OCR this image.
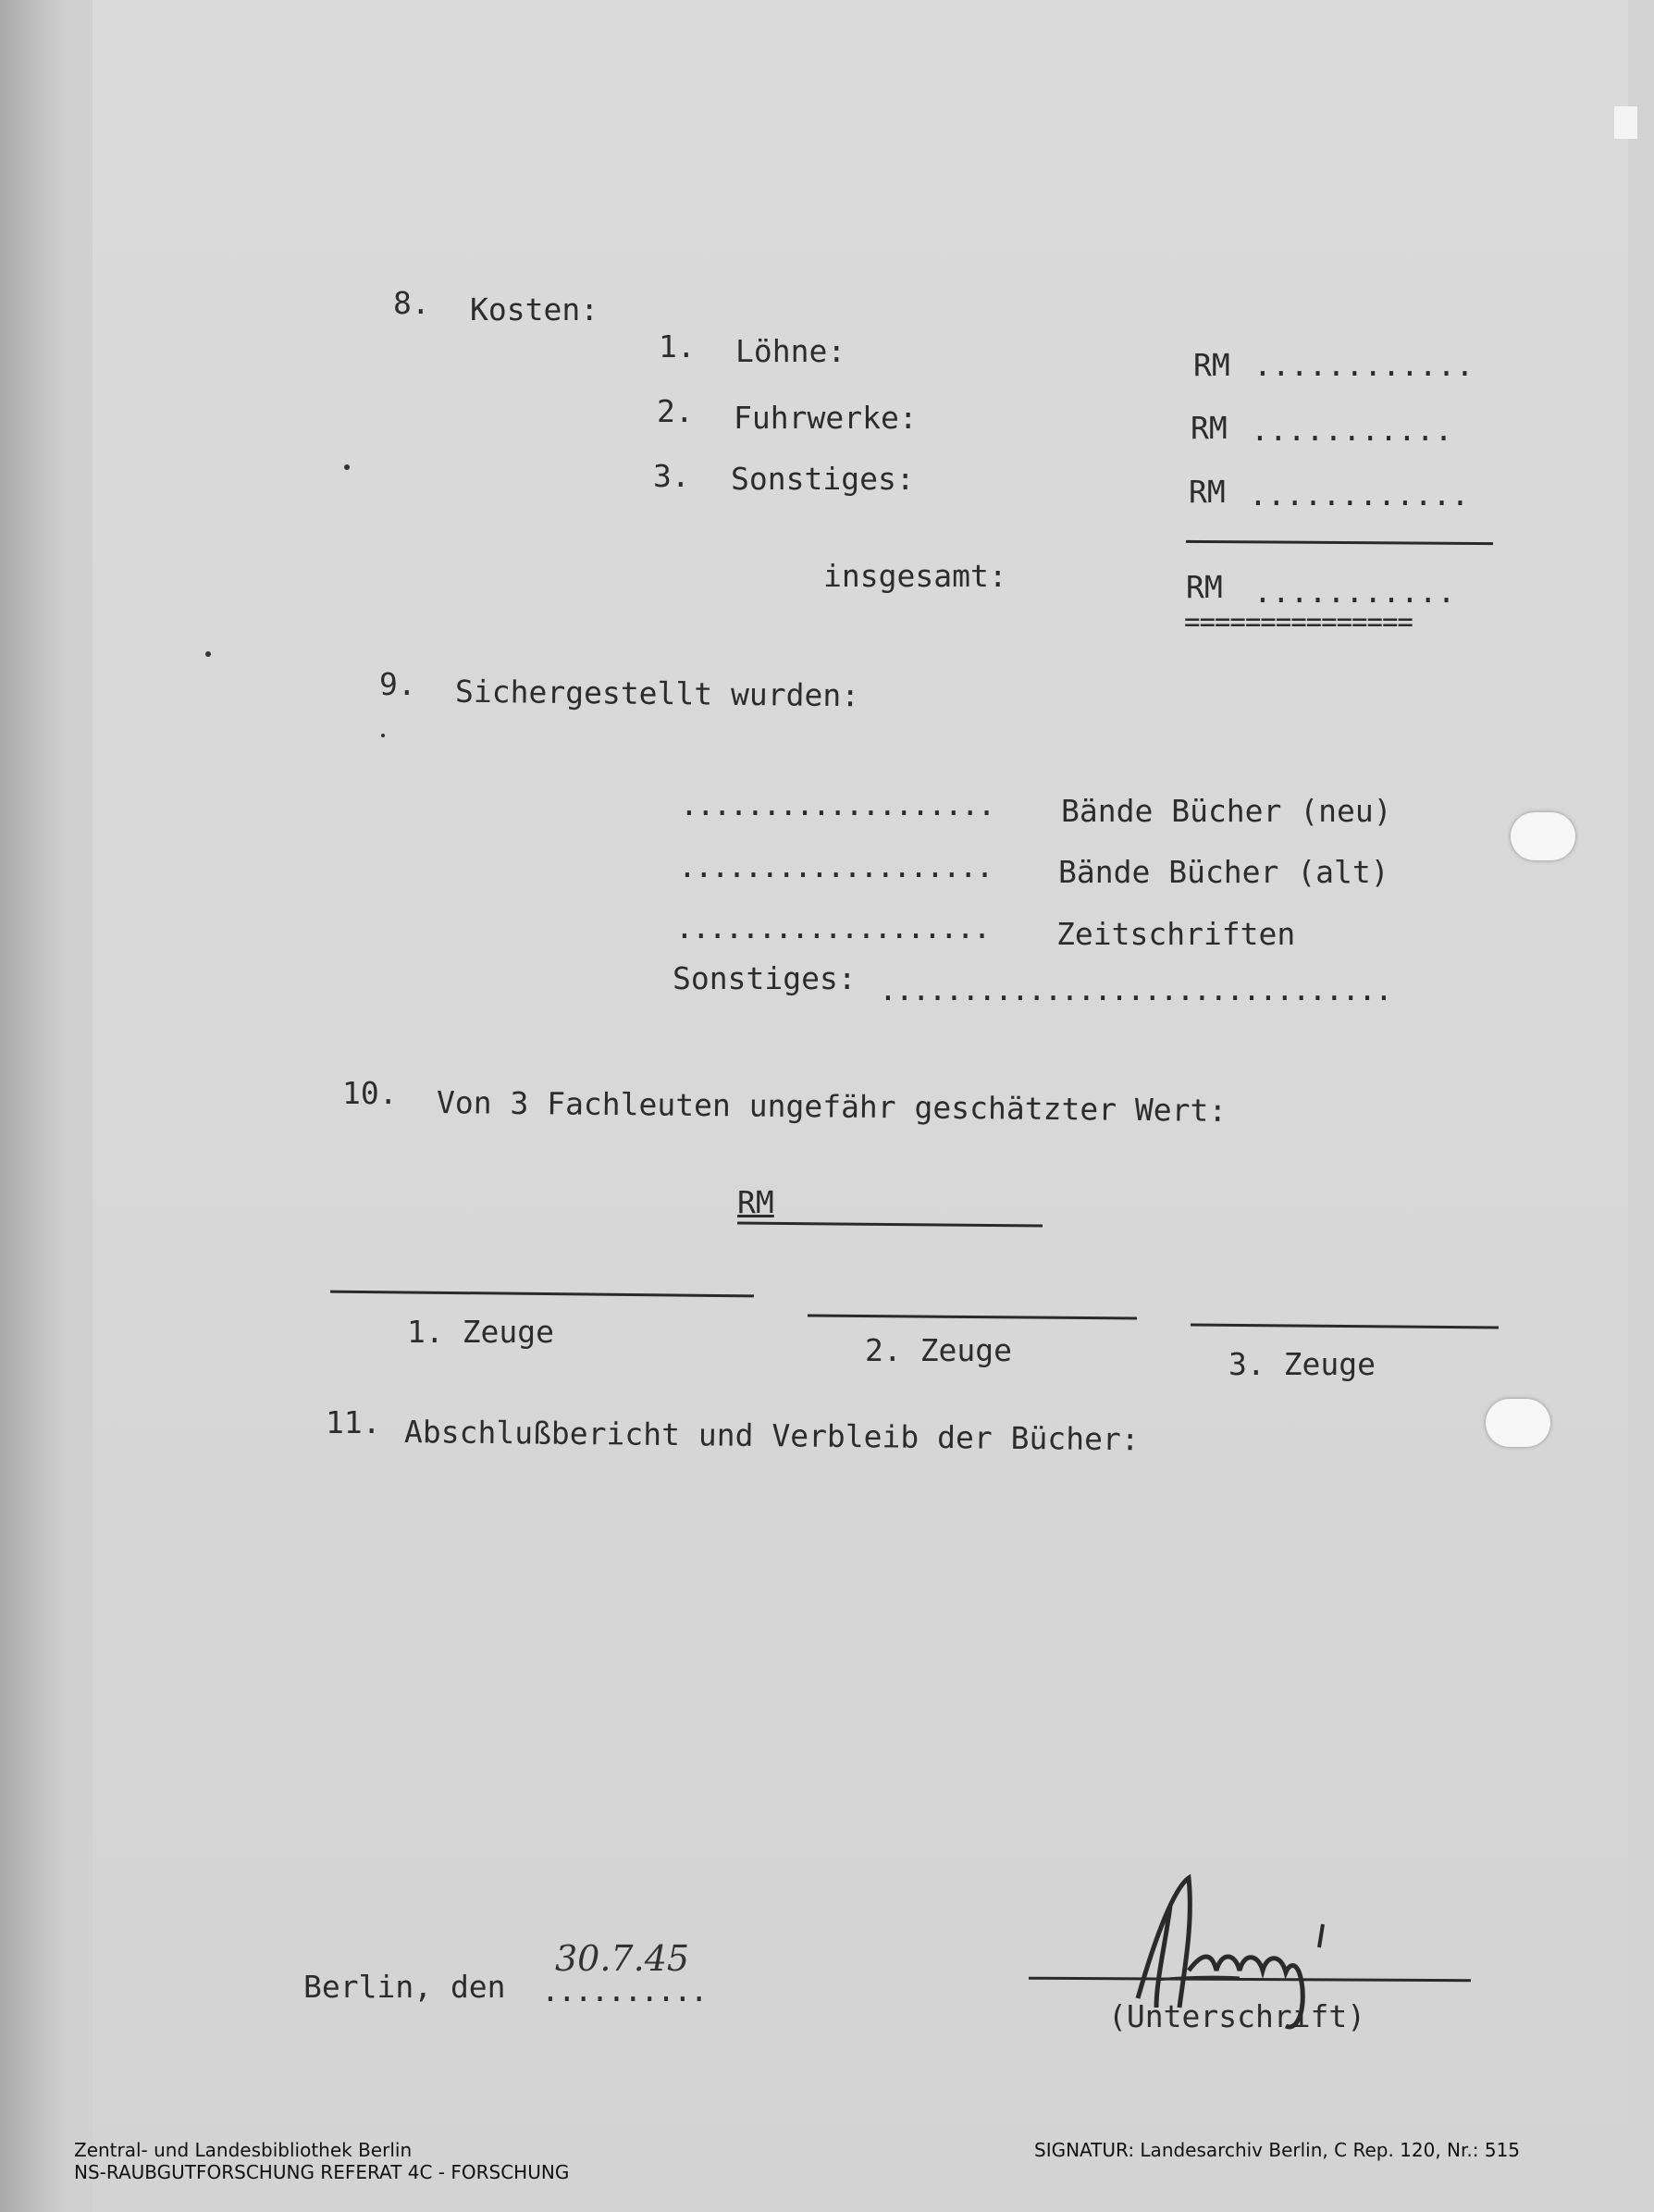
8. Kosten:
1. Löhne:	RM ............
2. Fuhrwerke:	RM ...........
3. Sonstiges:	RM ............
insgesamt:	RM ...........
===============
9. Sichergestellt wurden:
................... Bände Bücher (neu)
................... Bände Bücher (alt)
................... Zeitschriften
Sonstiges: ...............................
10. Von 3 Fachleuten ungefähr geschätzter Wert:
RM
1. Zeuge
2. Zeuge	3. Zeuge
11. Abschlußbericht und Verbleib der Bücher:
Berlin, den ..........
30.7.45
(Unterschrift)
Zentral- und Landesbibliothek Berlin
NS-RAUBGUTFORSCHUNG REFERAT 4C - FORSCHUNG
SIGNATUR: Landesarchiv Berlin, C Rep. 120, Nr.: 515
